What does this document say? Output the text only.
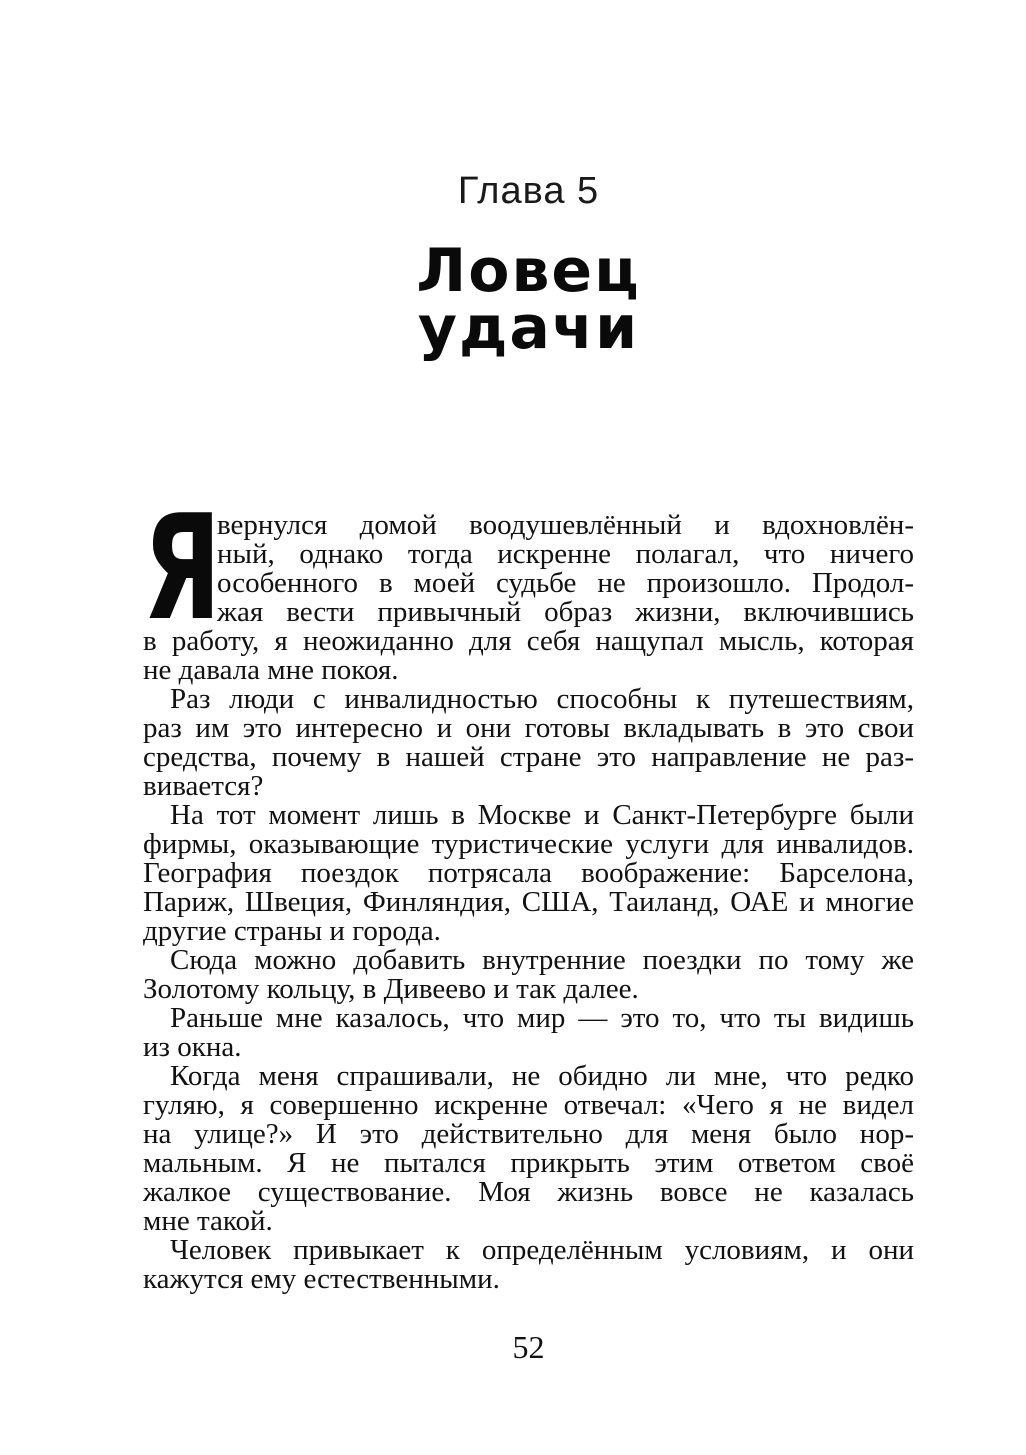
Глава 5
Ловец
удачи
Я
вернулся домой воодушевлённый и вдохновлён-
ный, однако тогда искренне полагал, что ничего
особенного в моей судьбе не произошло. Продол-
жая вести привычный образ жизни, включившись
в работу, я неожиданно для себя нащупал мысль, которая
не давала мне покоя.
Раз люди с инвалидностью способны к путешествиям,
раз им это интересно и они готовы вкладывать в это свои
средства, почему в нашей стране это направление не раз-
вивается?
На тот момент лишь в Москве и Санкт-Петербурге были
фирмы, оказывающие туристические услуги для инвалидов.
География поездок потрясала воображение: Барселона,
Париж, Швеция, Финляндия, США, Таиланд, ОАЕ и многие
другие страны и города.
Сюда можно добавить внутренние поездки по тому же
Золотому кольцу, в Дивеево и так далее.
Раньше мне казалось, что мир — это то, что ты видишь
из окна.
Когда меня спрашивали, не обидно ли мне, что редко
гуляю, я совершенно искренне отвечал: «Чего я не видел
на улице?» И это действительно для меня было нор-
мальным. Я не пытался прикрыть этим ответом своё
жалкое существование. Моя жизнь вовсе не казалась
мне такой.
Человек привыкает к определённым условиям, и они
кажутся ему естественными.
52
